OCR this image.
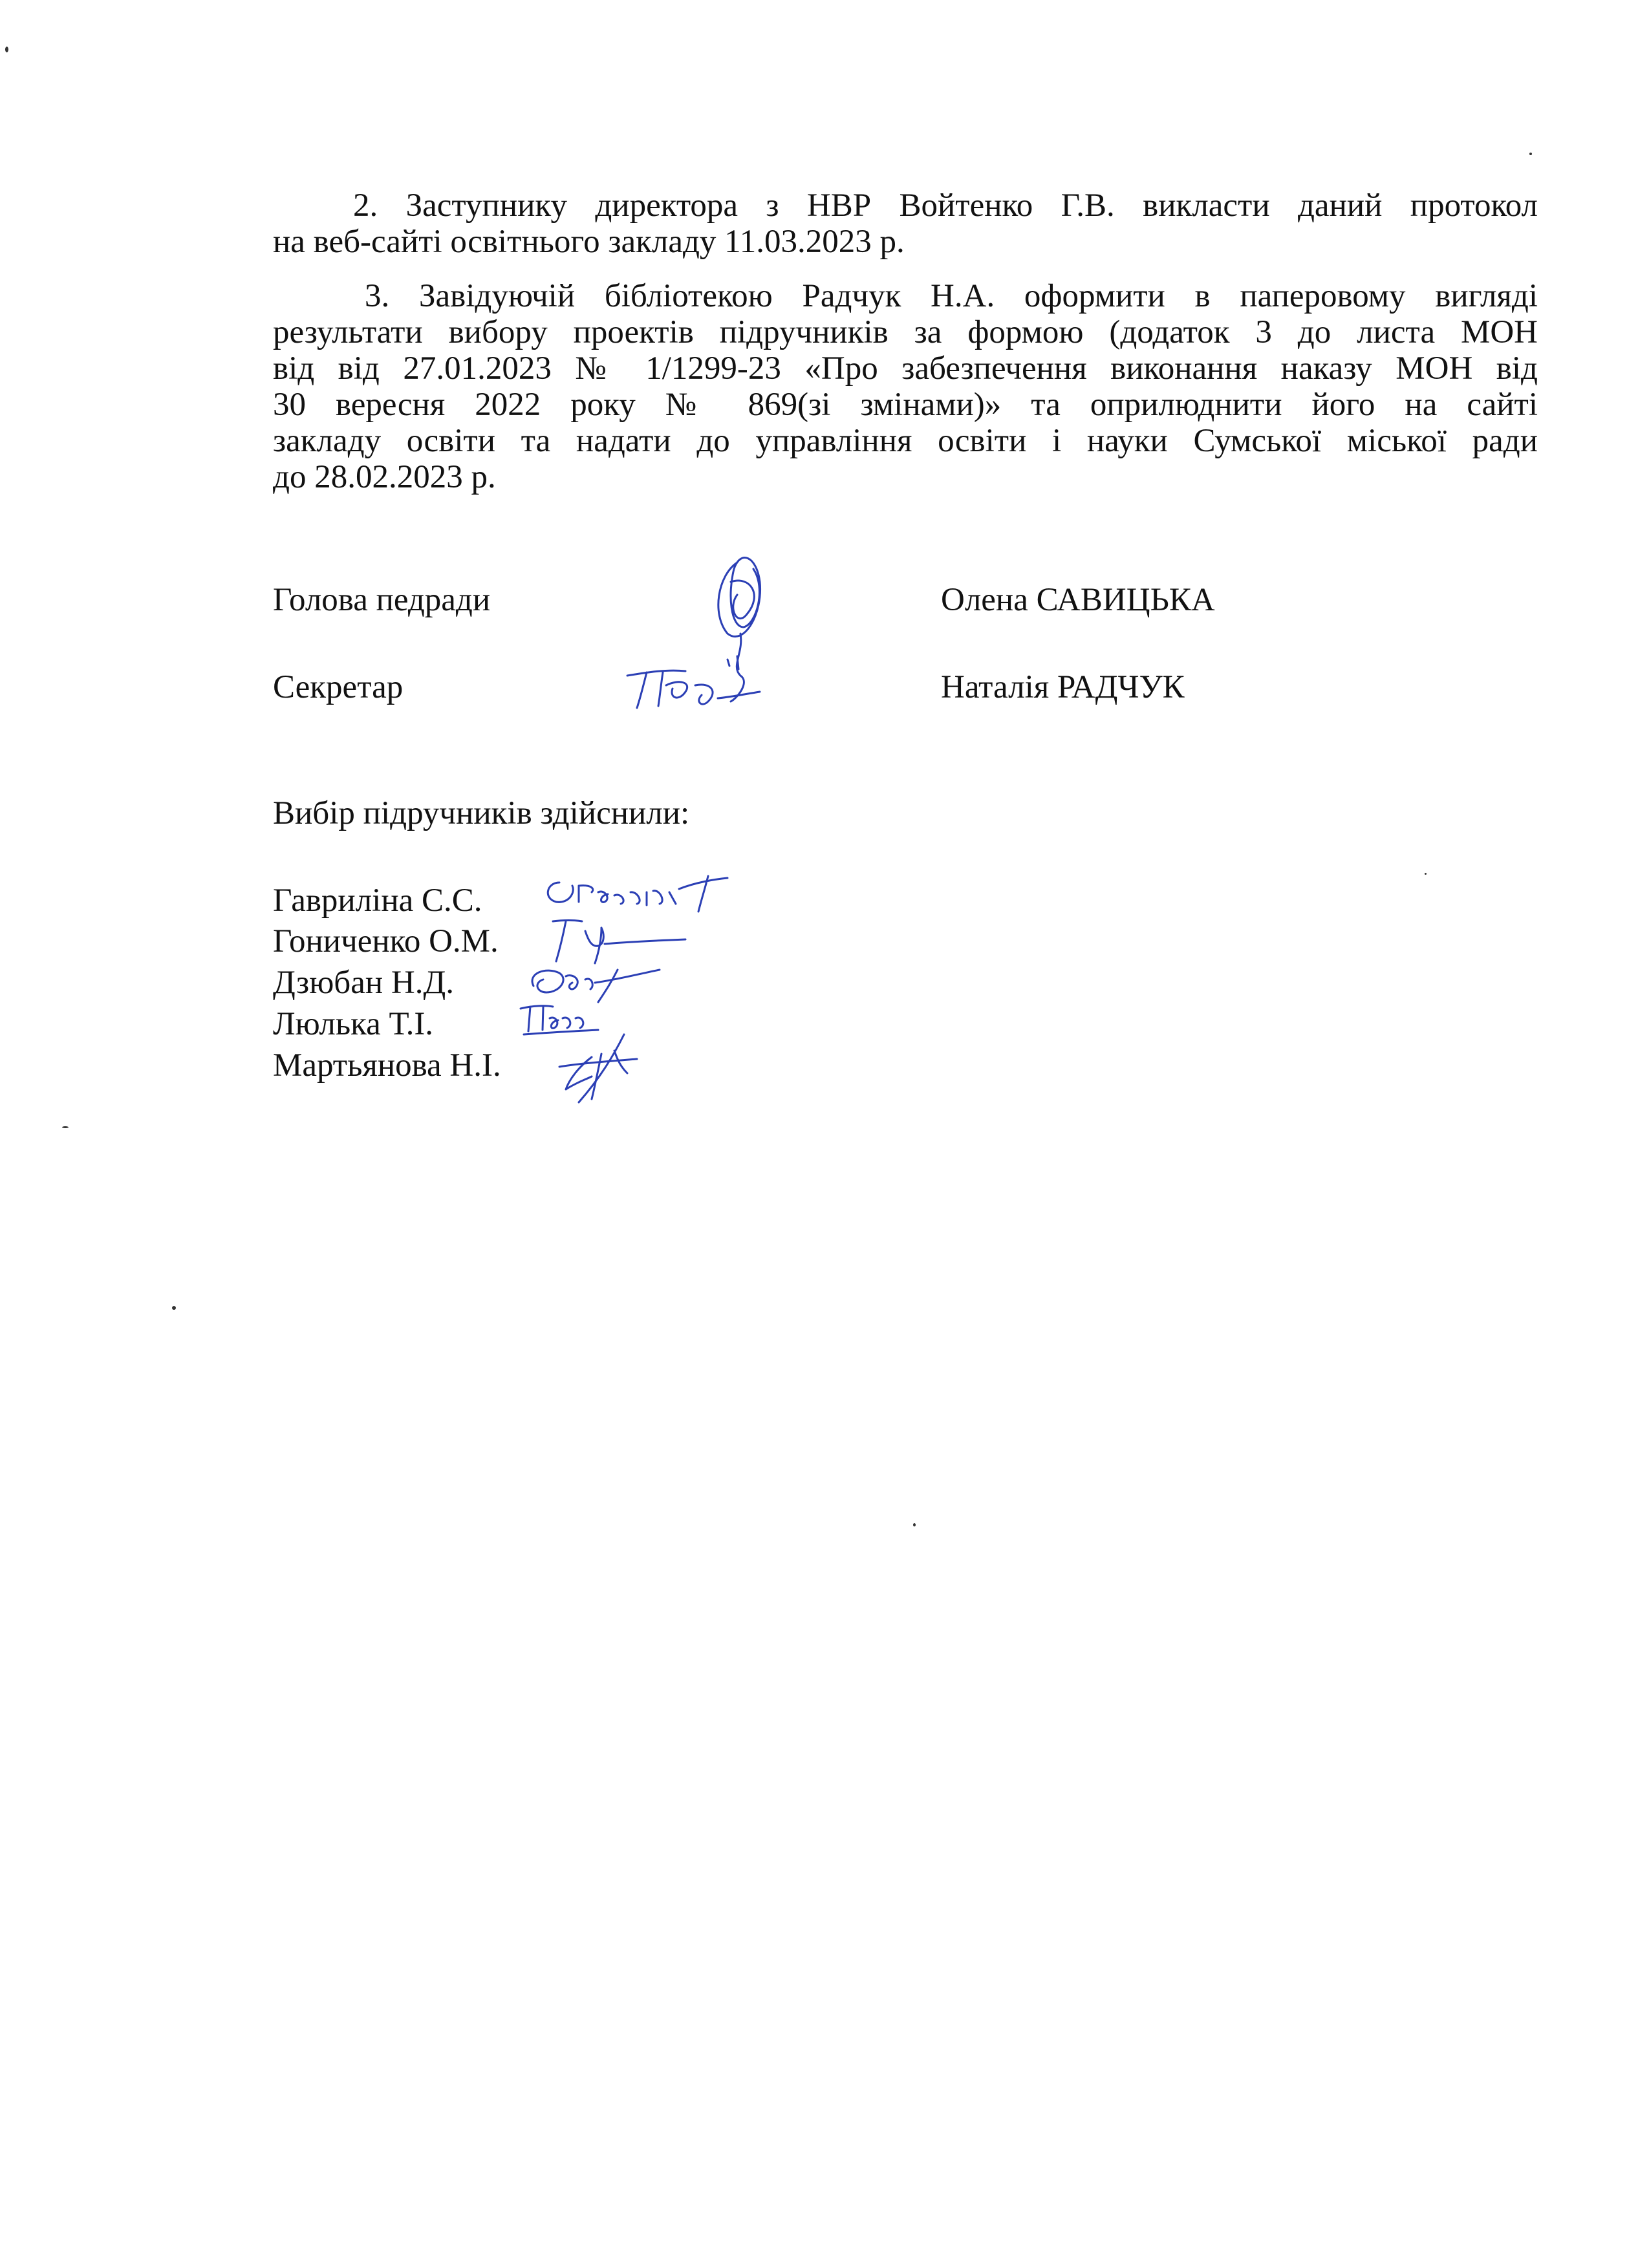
2. Заступнику директора з НВР Войтенко Г.В. викласти даний протокол
на веб-сайті освітнього закладу 11.03.2023 р.
3. Завідуючій бібліотекою Радчук Н.А. оформити в паперовому вигляді
результати вибору проектів підручників за формою (додаток 3 до листа МОН
від від 27.01.2023 № 1/1299-23 «Про забезпечення виконання наказу МОН від
30 вересня 2022 року № 869(зі змінами)» та оприлюднити його на сайті
закладу освіти та надати до управління освіти і науки Сумської міської ради
до 28.02.2023 р.
Голова педради	Олена САВИЦЬКА
Секретар	Наталія РАДЧУК
Вибір підручників здійснили:
Гавриліна С.С.
Гониченко О.М.
Дзюбан Н.Д.
Люлька Т.І.
Мартьянова Н.І.
